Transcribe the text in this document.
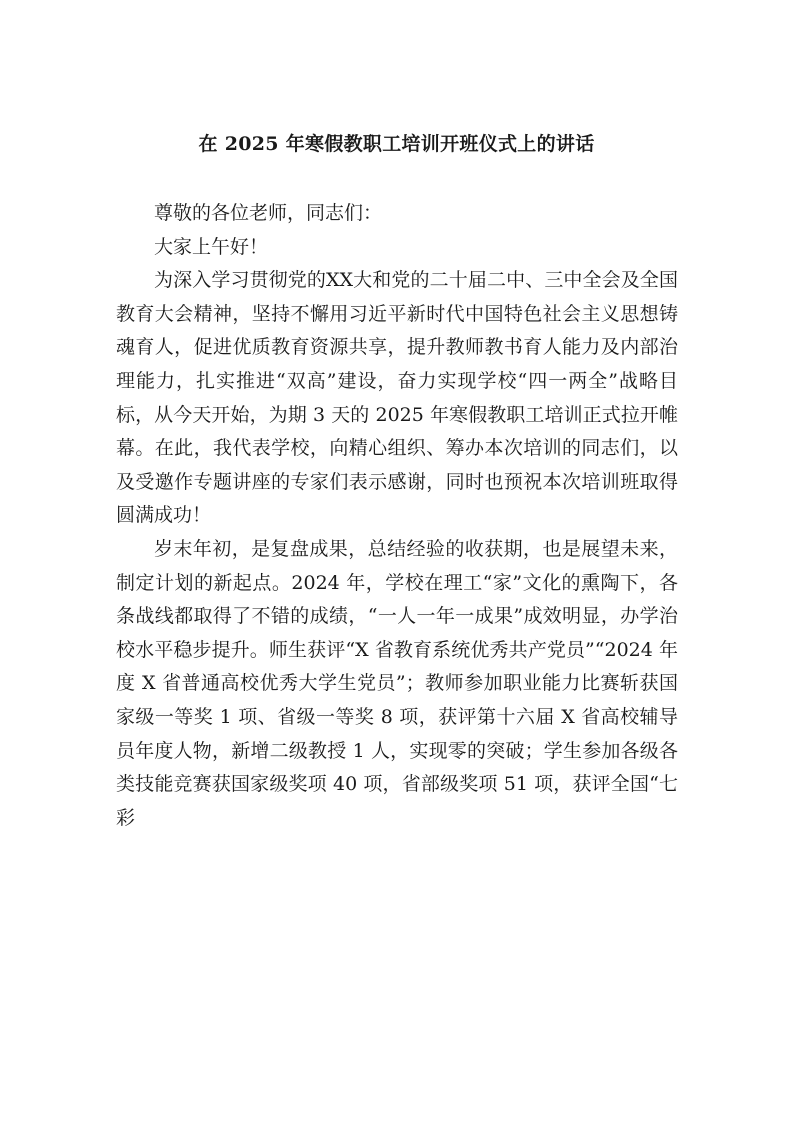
在 2025 年寒假教职工培训开班仪式上的讲话

尊敬的各位老师，同志们：

大家上午好！

为深入学习贯彻党的XX大和党的二十届二中、三中全会及全国教育大会精神，坚持不懈用习近平新时代中国特色社会主义思想铸魂育人，促进优质教育资源共享，提升教师教书育人能力及内部治理能力，扎实推进“双高”建设，奋力实现学校“四一两全”战略目标，从今天开始，为期 3 天的 2025 年寒假教职工培训正式拉开帷幕。在此，我代表学校，向精心组织、筹办本次培训的同志们，以及受邀作专题讲座的专家们表示感谢，同时也预祝本次培训班取得圆满成功！

岁末年初，是复盘成果，总结经验的收获期，也是展望未来，制定计划的新起点。2024 年，学校在理工“家”文化的熏陶下，各条战线都取得了不错的成绩，“一人一年一成果”成效明显，办学治校水平稳步提升。师生获评“X 省教育系统优秀共产党员”“2024 年度 X 省普通高校优秀大学生党员”；教师参加职业能力比赛斩获国家级一等奖 1 项、省级一等奖 8 项，获评第十六届 X 省高校辅导员年度人物，新增二级教授 1 人，实现零的突破；学生参加各级各类技能竞赛获国家级奖项 40 项，省部级奖项 51 项，获评全国“七彩
